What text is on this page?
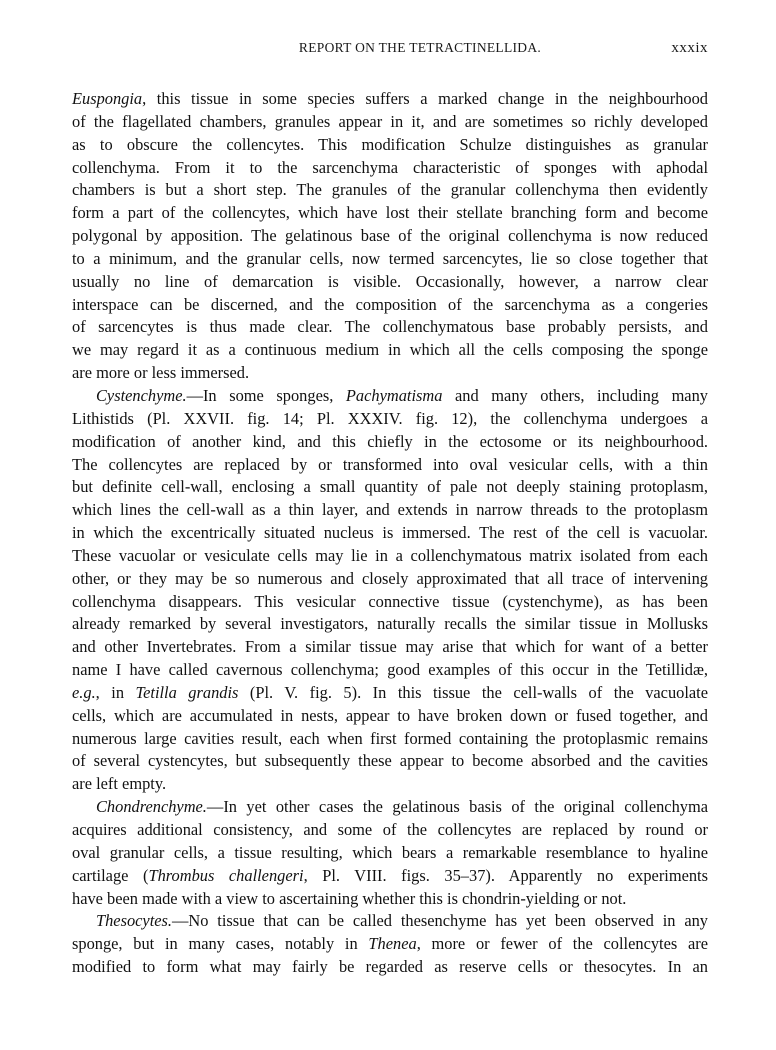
REPORT ON THE TETRACTINELLIDA.	xxxix
Euspongia, this tissue in some species suffers a marked change in the neighbourhood
of the flagellated chambers, granules appear in it, and are sometimes so richly developed
as to obscure the collencytes. This modification Schulze distinguishes as granular
collenchyma. From it to the sarcenchyma characteristic of sponges with aphodal
chambers is but a short step. The granules of the granular collenchyma then evidently
form a part of the collencytes, which have lost their stellate branching form and become
polygonal by apposition. The gelatinous base of the original collenchyma is now reduced
to a minimum, and the granular cells, now termed sarcencytes, lie so close together that
usually no line of demarcation is visible. Occasionally, however, a narrow clear
interspace can be discerned, and the composition of the sarcenchyma as a congeries
of sarcencytes is thus made clear. The collenchymatous base probably persists, and
we may regard it as a continuous medium in which all the cells composing the sponge
are more or less immersed.
Cystenchyme.—In some sponges, Pachymatisma and many others, including many
Lithistids (Pl. XXVII. fig. 14; Pl. XXXIV. fig. 12), the collenchyma undergoes a
modification of another kind, and this chiefly in the ectosome or its neighbourhood.
The collencytes are replaced by or transformed into oval vesicular cells, with a thin
but definite cell-wall, enclosing a small quantity of pale not deeply staining protoplasm,
which lines the cell-wall as a thin layer, and extends in narrow threads to the protoplasm
in which the excentrically situated nucleus is immersed. The rest of the cell is vacuolar.
These vacuolar or vesiculate cells may lie in a collenchymatous matrix isolated from each
other, or they may be so numerous and closely approximated that all trace of intervening
collenchyma disappears. This vesicular connective tissue (cystenchyme), as has been
already remarked by several investigators, naturally recalls the similar tissue in Mollusks
and other Invertebrates. From a similar tissue may arise that which for want of a better
name I have called cavernous collenchyma; good examples of this occur in the Tetillidæ,
e.g., in Tetilla grandis (Pl. V. fig. 5). In this tissue the cell-walls of the vacuolate
cells, which are accumulated in nests, appear to have broken down or fused together, and
numerous large cavities result, each when first formed containing the protoplasmic remains
of several cystencytes, but subsequently these appear to become absorbed and the cavities
are left empty.
Chondrenchyme.—In yet other cases the gelatinous basis of the original collenchyma
acquires additional consistency, and some of the collencytes are replaced by round or
oval granular cells, a tissue resulting, which bears a remarkable resemblance to hyaline
cartilage (Thrombus challengeri, Pl. VIII. figs. 35–37). Apparently no experiments
have been made with a view to ascertaining whether this is chondrin-yielding or not.
Thesocytes.—No tissue that can be called thesenchyme has yet been observed in any
sponge, but in many cases, notably in Thenea, more or fewer of the collencytes are
modified to form what may fairly be regarded as reserve cells or thesocytes. In an
